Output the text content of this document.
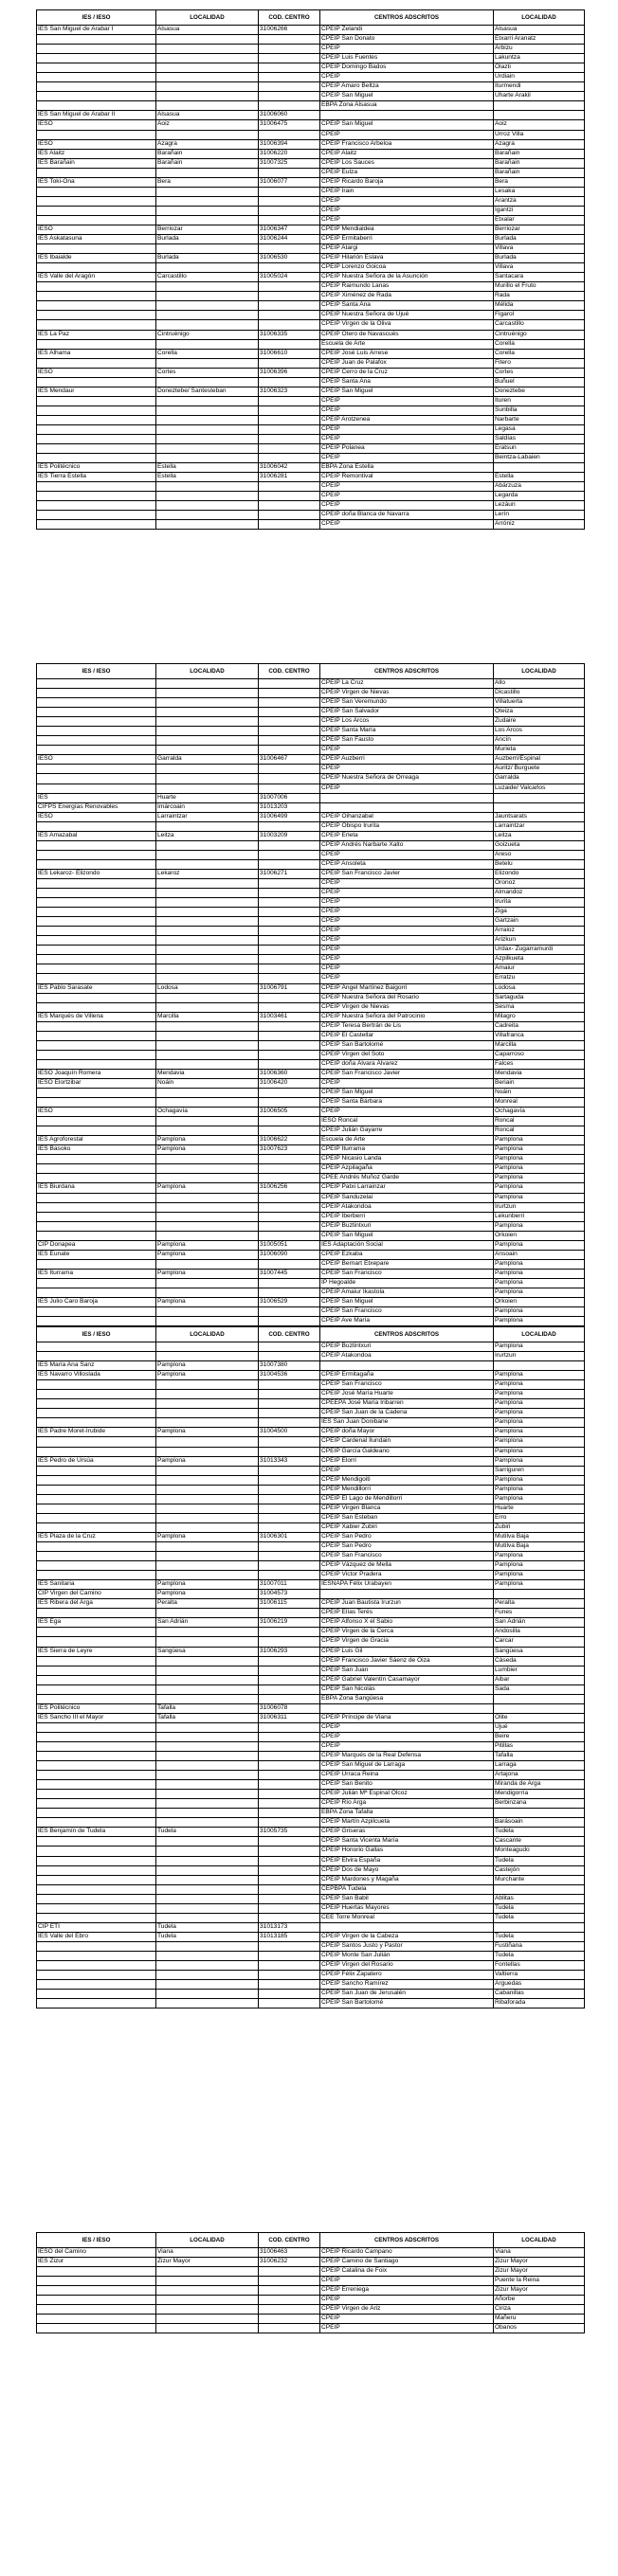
IES / IESO	LOCALIDAD	COD. CENTRO	CENTROS ADSCRITOS	LOCALIDAD
IES San Miguel de Arabar I	Alsasua	31006266	CPEIP Zelandi	Alsasua
			CPEIP San Donato	Etxarri Aranatz
			CPEIP	Arbizu
			CPEIP Luis Fuentes	Lakuntza
			CPEIP Domingo Bados	Olazti
			CPEIP	Urdiain
			CPEIP Amaro Beltza	Iturmendi
			CPEIP San Miguel	Uharte Arakil
			EBPA Zona Alsasua	
IES San Miguel de Arabar II	Alsasua	31006060		
IESO	Aoiz	31006475	CPEIP San Miguel	Aoiz
			CPEIP	Urroz Villa
IESO	Azagra	31006394	CPEIP Francisco Arbeloa	Azagra
IES Alaitz	Barañain	31006220	CPEIP Alaitz	Barañain
IES Barañain	Barañain	31007325	CPEIP Los Sauces	Barañain
			CPEIP Eulza	Barañain
IES Toki-Ona	Bera	31006077	CPEIP Ricardo Baroja	Bera
			CPEIP Irain	Lesaka
			CPEIP	Arantza
			CPEIP	Igantzi
			CPEIP	Etxalar
IESO	Berriozar	31006347	CPEIP Mendialdea	Berriozar
IES Askatasuna	Burlada	31006244	CPEIP Ermitaberri	Burlada
			CPEIP Atargi	Villava
IES Ibaialde	Burlada	31006530	CPEIP Hilarión Eslava	Burlada
			CPEIP Lorenzo Goicoa	Villava
IES Valle del Aragón	Carcastillo	31005024	CPEIP Nuestra Señora de la Asunción	Santacara
			CPEIP Raimundo Lanas	Murillo el Fruto
			CPEIP Ximénez de Rada	Rada
			CPEIP Santa Ana	Mélida
			CPEIP Nuestra Señora de Ujué	Figarol
			CPEIP Virgen de la Oliva	Carcastillo
IES La Paz	Cintruénigo	31006335	CPEIP Otero de Navascués	Cintruénigo
			Escuela de Arte	Corella
IES Alhama	Corella	31006610	CPEIP José Luis Arrese	Corella
			CPEIP Juan de Palafox	Fitero
IESO	Cortes	31006396	CPEIP Cerro de la Cruz	Cortes
			CPEIP Santa Ana	Buñuel
IES Mendaur	Doneztebe/ Santesteban	31006323	CPEIP San Miguel	Doneztebe
			CPEIP	Ituren
			CPEIP	Sunbilla
			CPEIP Arotzenea	Narbarte
			CPEIP	Legasa
			CPEIP	Saldías
			CPEIP Polanea	Eratsun
			CPEIP	Beintza-Labaien
IES Politécnico	Estella	31006042	EBPA Zona Estella	
IES Tierra Estella	Estella	31006281	CPEIP Remontival	Estella
			CPEIP	Abárzuza
			CPEIP	Legarda
			CPEIP	Lezáun
			CPEIP doña Blanca de Navarra	Lerín
			CPEIP	Arróniz
IES / IESO	LOCALIDAD	COD. CENTRO	CENTROS ADSCRITOS	LOCALIDAD
			CPEIP La Cruz	Allo
			CPEIP Virgen de Nievas	Dicastillo
			CPEIP San Veremundo	Villatuerta
			CPEIP San Salvador	Oteiza
			CPEIP Los Arcos	Zudaire
			CPEIP Santa María	Los Arcos
			CPEIP San Fausto	Ancín
			CPEIP	Murieta
IESO	Garralda	31006467	CPEIP Auzberri	Auzberri/Espinal
			CPEIP	Auritz/ Burguete
			CPEIP Nuestra Señora de Orreaga	Garralda
			CPEIP	Luzaide/ Valcarlos
IES	Huarte	31007006		
CIFPS Energías Renovables	Imárcoain	31013203		
IESO	Larraintzar	31006499	CPEIP Oihanzabal	Jauntsarats
			CPEIP Obispo Irurita	Larraintzar
IES Amazabal	Leitza	31003209	CPEIP Erleta	Leitza
			CPEIP Andrés Narbarte Xalto	Goizueta
			CPEIP	Areso
			CPEIP Ansoleta	Betelu
IES Lekaroz- Elizondo	Lekaroz	31006271	CPEIP San Francisco Javier	Elizondo
			CPEIP	Oronoz
			CPEIP	Almandoz
			CPEIP	Irurita
			CPEIP	Ziga
			CPEIP	Gartzain
			CPEIP	Arraioz
			CPEIP	Arizkun
			CPEIP	Urdax- Zugarramurdi
			CPEIP	Azpilkueta
			CPEIP	Amaiur
			CPEIP	Erratzu
IES Pablo Sarasate	Lodosa	31006791	CPEIP Ángel Martínez Baigorri	Lodosa
			CPEIP Nuestra Señora del Rosario	Sartaguda
			CPEIP Virgen de Nievas	Sesma
IES Marqués de Villena	Marcilla	31003461	CPEIP Nuestra Señora del Patrocinio	Milagro
			CPEIP Teresa Bertrán de Lis	Cadreita
			CPEIP El Castellar	Villafranca
			CPEIP San Bartolomé	Marcilla
			CPEIP Virgen del Soto	Caparroso
			CPEIP doña Álvara Álvarez	Falces
IESO Joaquín Romera	Mendavia	31006360	CPEIP San Francisco Javier	Mendavia
IESO Elortzibar	Noáin	31006420	CPEIP	Beriain
			CPEIP San Miguel	Noáin
			CPEIP Santa Bárbara	Monreal
IESO	Ochagavía	31006505	CPEIP	Ochagavía
			IESO Roncal	Roncal
			CPEIP Julián Gayarre	Roncal
IES Agroforestal	Pamplona	31006622	Escuela de Arte	Pamplona
IES Basoko	Pamplona	31007623	CPEIP Iturrama	Pamplona
			CPEIP Nicasio Landa	Pamplona
			CPEIP Azpilagaña	Pamplona
			CPEE Andrés Muñoz Garde	Pamplona
IES Biurdana	Pamplona	31006256	CPEIP Patxi Larrainzar	Pamplona
			CPEIP Sanduzelai	Pamplona
			CPEIP Atakondoa	Irurtzun
			CPEIP Iberberri	Lekunberri
			CPEIP Buztintxuri	Pamplona
			CPEIP San Miguel	Orkoien
CIP Donapea	Pamplona	31005051	IES Adaptación Social	Pamplona
IES Eunate	Pamplona	31006090	CPEIP Ezkaba	Ansoain
			CPEIP Bernart Etxepare	Pamplona
IES Iturrama	Pamplona	31007445	CPEIP San Francisco	Pamplona
			IP Hegoalde	Pamplona
			CPEIP Amaiur Ikastola	Pamplona
IES Julio Caro Baroja	Pamplona	31006529	CPEIP San Miguel	Orkoien
			CPEIP San Francisco	Pamplona
			CPEIP Ave María	Pamplona

IES / IESO	LOCALIDAD	COD. CENTRO	CENTROS ADSCRITOS	LOCALIDAD
			CPEIP Buztintxuri	Pamplona
			CPEIP Atakondoa	Irurtzun
IES María Ana Sanz	Pamplona	31007380		
IES Navarro Villoslada	Pamplona	31004536	CPEIP Ermitagaña	Pamplona
			CPEIP San Francisco	Pamplona
			CPEIP José María Huarte	Pamplona
			CPEEPA José María Iribarren	Pamplona
			CPEIP San Juan de la Cadena	Pamplona
			IES San Juan Donibane	Pamplona
IES Padre Moret-Irubide	Pamplona	31004500	CPEIP doña Mayor	Pamplona
			CPEIP Cardenal Ilundain	Pamplona
			CPEIP García Galdeano	Pamplona
IES Pedro de Ursúa	Pamplona	31013343	CPEIP Elorri	Pamplona
			CPEIP	Sarriguren
			CPEIP Mendigoiti	Pamplona
			CPEIP Mendillorri	Pamplona
			CPEIP El Lago de Mendillorri	Pamplona
			CPEIP Virgen Blanca	Huarte
			CPEIP San Esteban	Erro
			CPEIP Xabier Zubiri	Zubiri
IES Plaza de la Cruz	Pamplona	31006301	CPEIP San Pedro	Mutilva Baja
			CPEIP San Pedro	Mutilva Baja
			CPEIP San Francisco	Pamplona
			CPEIP Vázquez de Mella	Pamplona
			CPEIP Victor Pradera	Pamplona
IES Sanitaria	Pamplona	31007011	IESNAPA Félix Urabayen	Pamplona
CIP Virgen del Camino	Pamplona	31004573		
IES Ribera del Arga	Peralta	31006115	CPEIP Juan Bautista Irurzun	Peralta
			CPEIP Elías Terés	Funes
IES Ega	San Adrián	31006219	CPEIP Alfonso X el Sabio	San Adrián
			CPEIP Virgen de la Cerca	Andosilla
			CPEIP Virgen de Gracia	Carcar
IES Sierra de Leyre	Sangüesa	31006293	CPEIP Luis Gil	Sangüesa
			CPEIP Francisco Javier Sáenz de Oiza	Cáseda
			CPEIP San Juan	Lumbier
			CPEIP Gabriel Valentín Casamayor	Aibar
			CPEIP San Nicolás	Sada
			EBPA Zona Sangüesa	
IES Politécnico	Tafalla	31006078		
IES Sancho III el Mayor	Tafalla	31006311	CPEIP Príncipe de Viana	Olite
			CPEIP	Ujué
			CPEIP	Beire
			CPEIP	Pitillas
			CPEIP Marqués de la Real Defensa	Tafalla
			CPEIP San Miguel de Larraga	Larraga
			CPEIP Urraca Reina	Artajona
			CPEIP San Benito	Miranda de Arga
			CPEIP Julián Mª Espinal Olcoz	Mendigorría
			CPEIP Río Arga	Berbinzana
			EBPA Zona Tafalla	
			CPEIP Martín Azpilcueta	Barásoain
IES Benjamín de Tudela	Tudela	31005735	CPEIP Griseras	Tudela
			CPEIP Santa Vicenta María	Cascante
			CPEIP Honorio Gallas	Monteagudo
			CPEIP Elvira España	Tudela
			CPEIP Dos de Mayo	Castejón
			CPEIP Mardones y Magaña	Murchante
			CEPBPA Tudela	
			CPEIP San Babil	Ablitas
			CPEIP Huertas Mayores	Tudela
			CEE Torre Monreal	Tudela
CIP ETI	Tudela	31013173		
IES Valle del Ebro	Tudela	31013185	CPEIP Virgen de la Cabeza	Tudela
			CPEIP Santos Justo y Pastor	Fustiñana
			CPEIP Monte San Julián	Tudela
			CPEIP Virgen del Rosario	Fontellas
			CPEIP Félix Zapatero	Valtierra
			CPEIP Sancho Ramírez	Arguedas
			CPEIP San Juan de Jerusalén	Cabanillas
			CPEIP San Bartolomé	Ribaforada
IES / IESO	LOCALIDAD	COD. CENTRO	CENTROS ADSCRITOS	LOCALIDAD
IESO del Camino	Viana	31006463	CPEIP Ricardo Campano	Viana
IES Zizur	Zizur Mayor	31006232	CPEIP Camino de Santiago	Zizur Mayor
			CPEIP Catalina de Foix	Zizur Mayor
			CPEIP	Puente la Reina
			CPEIP Erreniega	Zizur Mayor
			CPEIP	Añorbe
			CPEIP Virgen de Ariz	Ciriza
			CPEIP	Mañeru
			CPEIP	Obanos
